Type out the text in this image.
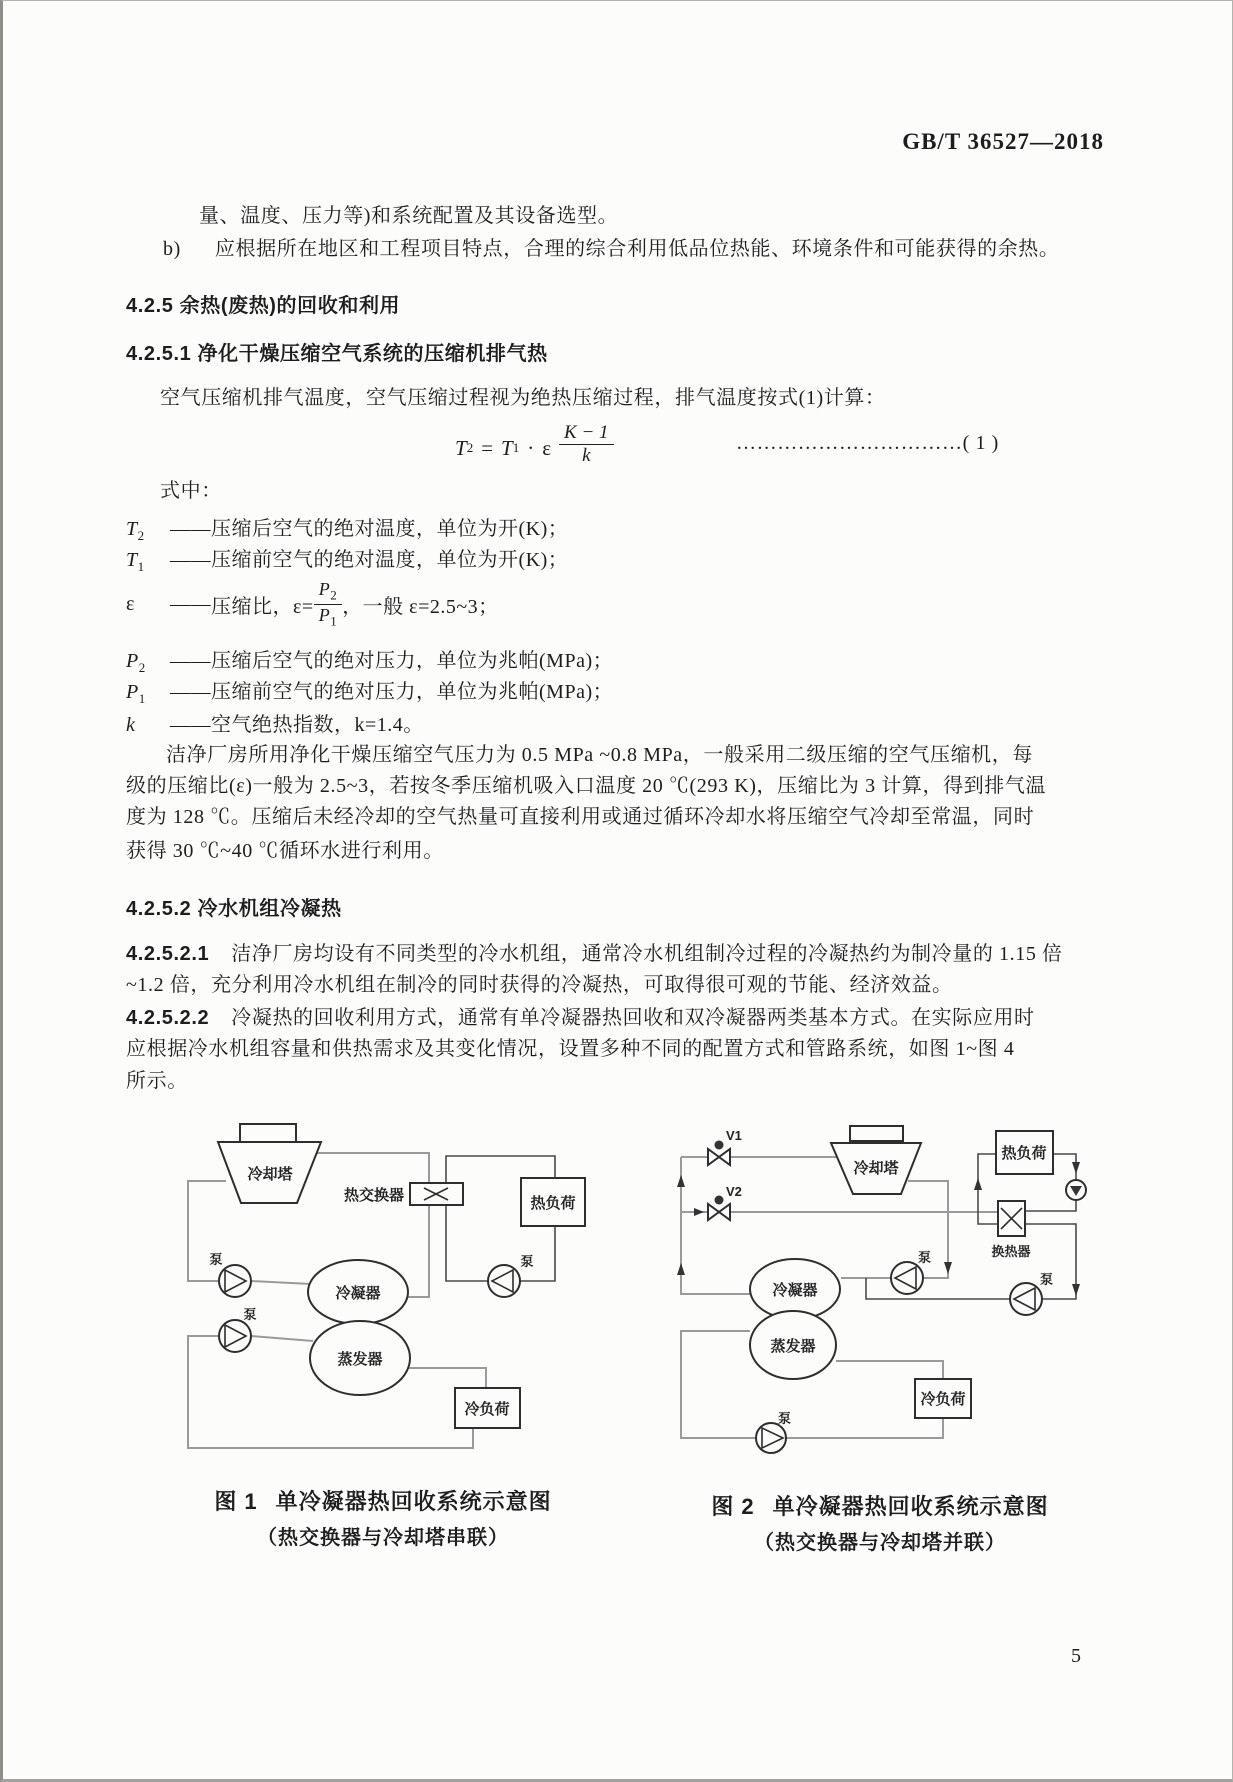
GB/T 36527—2018
量、温度、压力等)和系统配置及其设备选型。
b) 应根据所在地区和工程项目特点，合理的综合利用低品位热能、环境条件和可能获得的余热。
4.2.5 余热(废热)的回收和利用
4.2.5.1 净化干燥压缩空气系统的压缩机排气热
空气压缩机排气温度，空气压缩过程视为绝热压缩过程，排气温度按式(1)计算：
T 2 = T 1 · ε $\frac{K - 1}{k}$	……………………………( 1 )
式中：
$T_2$	—— 压缩后空气的绝对温度，单位为开(K)；
$T_1$	—— 压缩前空气的绝对温度，单位为开(K)；
ε	—— 压缩比，$\varepsilon= \frac{P_2}{P_1}$ ，一般 ε=2.5~3；
$P_2$	—— 压缩后空气的绝对压力，单位为兆帕(MPa)；
$P_1$	—— 压缩前空气的绝对压力，单位为兆帕(MPa)；
k	—— 空气绝热指数，k=1.4。
洁净厂房所用净化干燥压缩空气压力为 0.5 MPa ~0.8 MPa，一般采用二级压缩的空气压缩机，每
级的压缩比(ε)一般为 2.5~3，若按冬季压缩机吸入口温度 20 ℃(293 K)，压缩比为 3 计算，得到排气温
度为 128 ℃。压缩后未经冷却的空气热量可直接利用或通过循环冷却水将压缩空气冷却至常温，同时
获得 30 ℃~40 ℃循环水进行利用。
4.2.5.2 冷水机组冷凝热
4.2.5.2.1 洁净厂房均设有不同类型的冷水机组，通常冷水机组制冷过程的冷凝热约为制冷量的 1.15 倍
~1.2 倍，充分利用冷水机组在制冷的同时获得的冷凝热，可取得很可观的节能、经济效益。
4.2.5.2.2 冷凝热的回收利用方式，通常有单冷凝器热回收和双冷凝器两类基本方式。在实际应用时
应根据冷水机组容量和供热需求及其变化情况，设置多种不同的配置方式和管路系统，如图 1~图 4
所示。
冷却塔
热交换器	热负荷
冷凝器
蒸发器
泵
泵
泵
冷负荷
V1
V2
冷却塔
热负荷
换热器
冷凝器
蒸发器
泵
泵
泵
冷负荷
图 1 单冷凝器热回收系统示意图
（热交换器与冷却塔串联）
图 2 单冷凝器热回收系统示意图
（热交换器与冷却塔并联）
5
